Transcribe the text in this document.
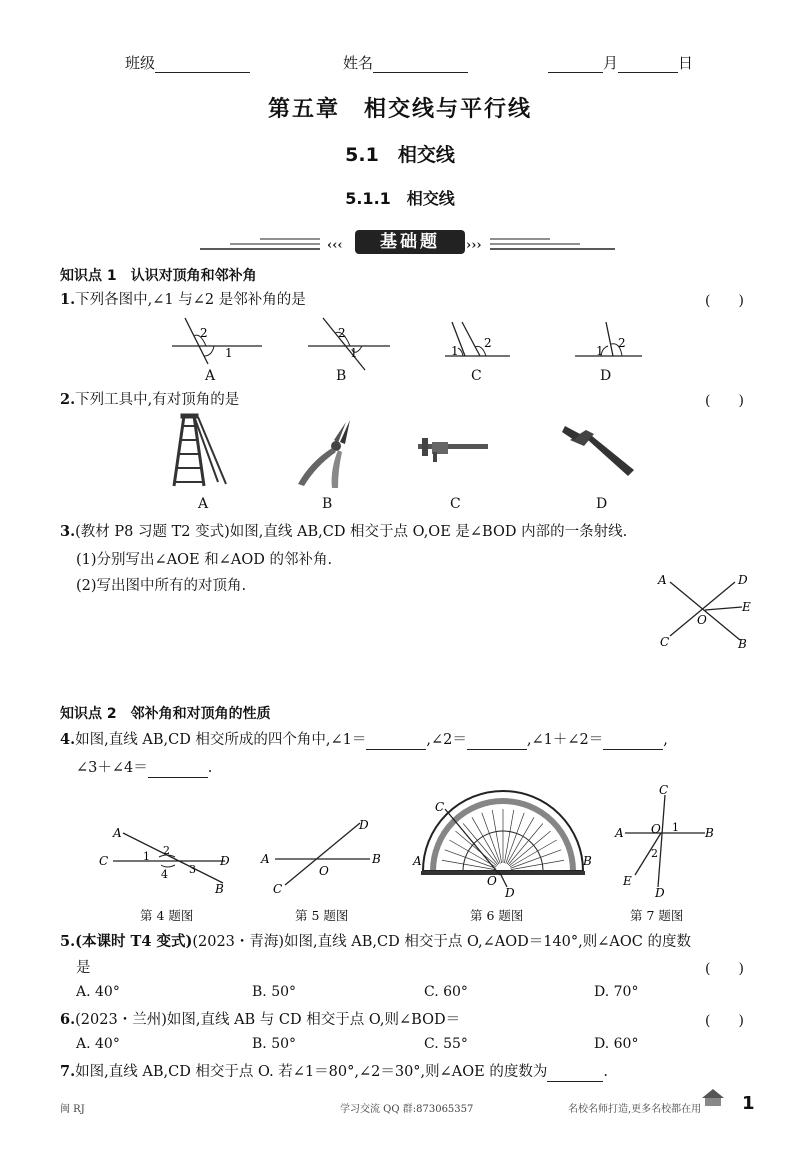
班级	姓名	月	日
第五章　相交线与平行线
5.1　相交线
5.1.1　相交线
‹‹‹	›››
基础题
知识点 1　认识对顶角和邻补角
1.下列各图中,∠1 与∠2 是邻补角的是	(　　)
2
1
2
1	1
2
1
2
A	B	C	D
2.下列工具中,有对顶角的是	(　　)
A	B	C	D
3.(教材 P8 习题 T2 变式)如图,直线 AB,CD 相交于点 O,OE 是∠BOD 内部的一条射线.
(1)分别写出∠AOE 和∠AOD 的邻补角.
(2)写出图中所有的对顶角.	A	D
E
O
C	B
知识点 2　邻补角和对顶角的性质
4.如图,直线 AB,CD 相交所成的四个角中,∠1＝	,∠2＝	,∠1＋∠2＝	,
∠3＋∠4＝	.
A
C	D
B
2
1
3
4
A	B
C
D
O
C
A	B
O
D
C
A	B
O 1
2
E
D
第 4 题图	第 5 题图	第 6 题图	第 7 题图
5.(本课时 T4 变式)(2023・青海)如图,直线 AB,CD 相交于点 O,∠AOD＝140°,则∠AOC 的度数
是	(　　)
A. 40°	B. 50°	C. 60°	D. 70°
6.(2023・兰州)如图,直线 AB 与 CD 相交于点 O,则∠BOD＝	(　　)
A. 40°	B. 50°	C. 55°	D. 60°
7.如图,直线 AB,CD 相交于点 O. 若∠1＝80°,∠2＝30°,则∠AOE 的度数为	.
闽 RJ	学习交流 QQ 群:873065357	名校名师打造,更多名校都在用 1
